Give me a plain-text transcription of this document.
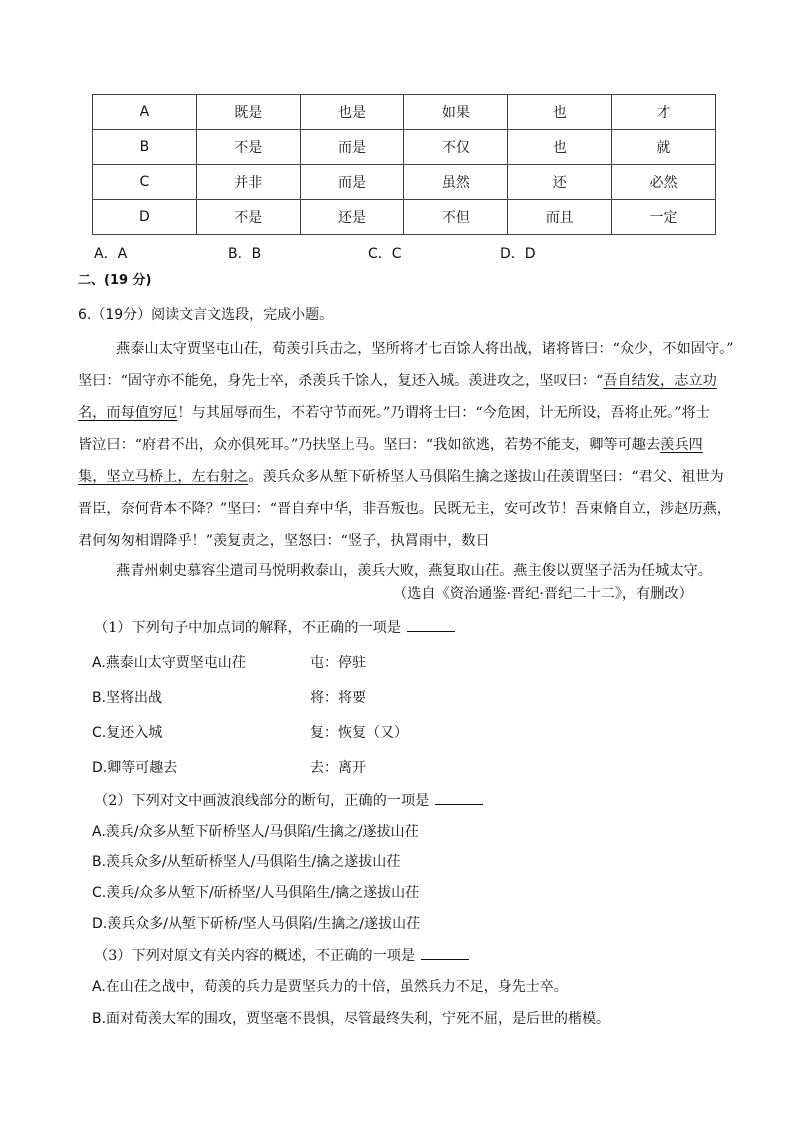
A	既是	也是	如果	也	才
B	不是	而是	不仅	也	就
C	并非	而是	虽然	还	必然
D	不是	还是	不但	而且	一定
A．A	B．B	C．C	D．D
二、(19 分)
6.（19分）阅读文言文选段，完成小题。
燕泰山太守贾坚屯山茌，荀羡引兵击之，坚所将才七百馀人将出战，诸将皆曰：“众少，不如固守。”
坚曰：“固守亦不能免，身先士卒，杀羡兵千馀人，复还入城。羡进攻之，坚叹曰：“吾自结发，志立功
名，而每值穷厄！与其屈辱而生，不若守节而死。”乃谓将士曰：“今危困，计无所设，吾将止死。”将士
皆泣曰：“府君不出，众亦俱死耳。”乃扶坚上马。坚曰：“我如欲逃，若势不能支，卿等可趣去羡兵四
集，坚立马桥上，左右射之。羡兵众多从堑下斫桥坚人马俱陷生擒之遂拔山茌羡谓坚曰：“君父、祖世为
晋臣，奈何背本不降？”坚曰：“晋自弃中华，非吾叛也。民既无主，安可改节！吾束脩自立，涉赵历燕，
君何匆匆相谓降乎！”羡复责之，坚怒曰：“竖子，执罥雨中，数日
燕青州刺史慕容尘遣司马悦明救泰山，羡兵大败，燕复取山茌。燕主俊以贾坚子活为任城太守。
（选自《资治通鉴·晋纪·晋纪二十二》，有删改）
（1）下列句子中加点词的解释，不正确的一项是
A.燕泰山太守贾坚屯山茌	屯：停驻
B.坚将出战	将：将要
C.复还入城	复：恢复（又）
D.卿等可趣去	去：离开
（2）下列对文中画波浪线部分的断句，正确的一项是
A.羡兵/众多从堑下斫桥坚人/马俱陷/生擒之/遂拔山茌
B.羡兵众多/从堑斫桥坚人/马俱陷生/擒之遂拔山茌
C.羡兵/众多从堑下/斫桥坚/人马俱陷生/擒之遂拔山茌
D.羡兵众多/从堑下斫桥/坚人马俱陷/生擒之/遂拔山茌
（3）下列对原文有关内容的概述，不正确的一项是
A.在山茌之战中，荀羡的兵力是贾坚兵力的十倍，虽然兵力不足，身先士卒。
B.面对荀羡大军的围攻，贾坚毫不畏惧，尽管最终失利，宁死不屈，是后世的楷模。
